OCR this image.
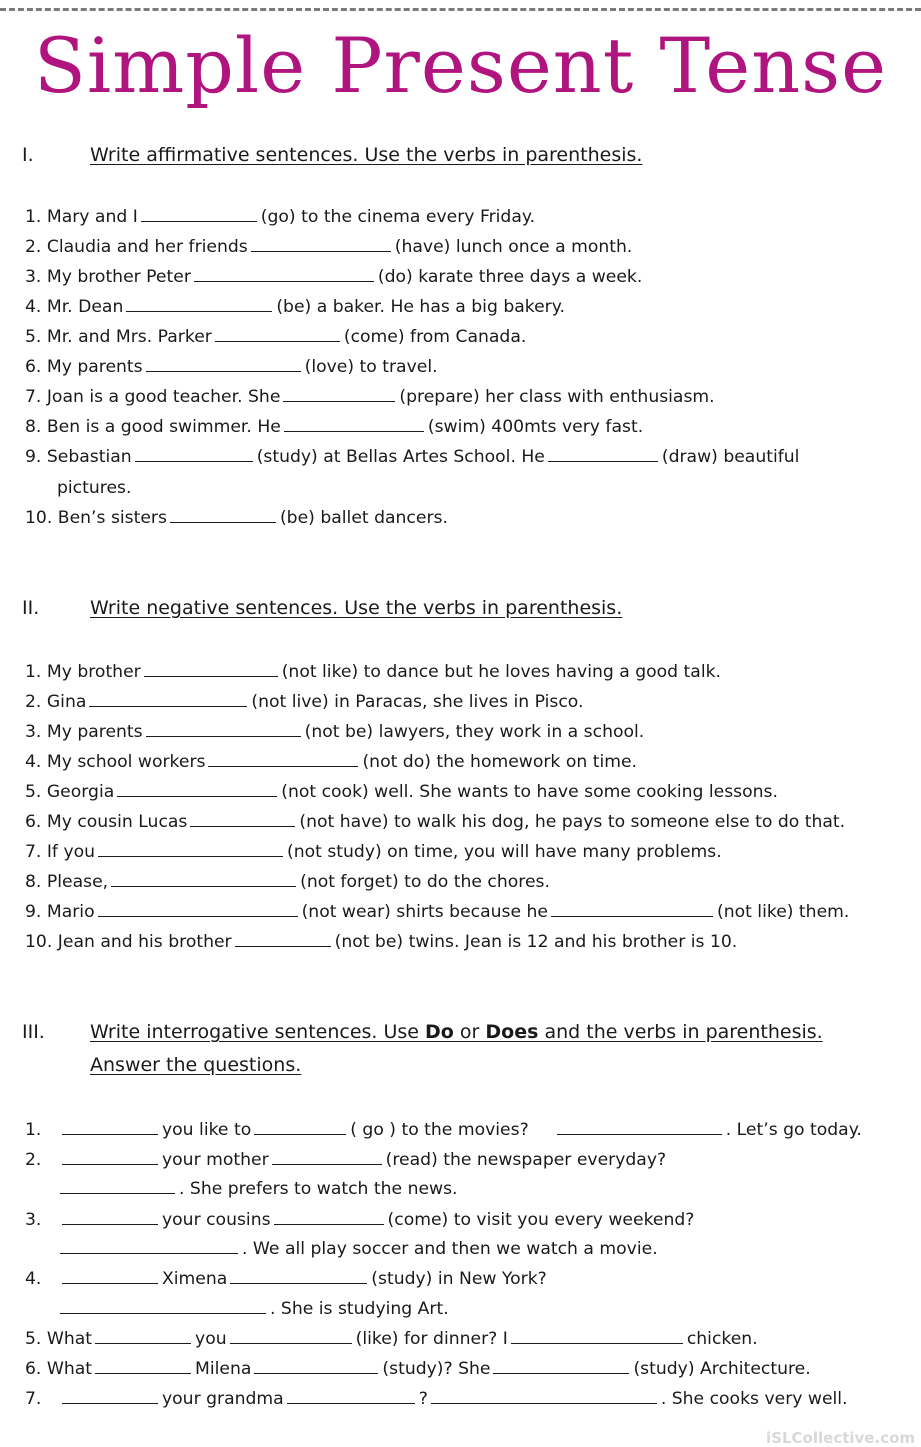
Simple Present Tense
I.	Write affirmative sentences. Use the verbs in parenthesis.
1. Mary and I	(go) to the cinema every Friday.
2. Claudia and her friends	(have) lunch once a month.
3. My brother Peter	(do) karate three days a week.
4. Mr. Dean	(be) a baker. He has a big bakery.
5. Mr. and Mrs. Parker	(come) from Canada.
6. My parents	(love) to travel.
7. Joan is a good teacher. She	(prepare) her class with enthusiasm.
8. Ben is a good swimmer. He	(swim) 400mts very fast.
9. Sebastian	(study) at Bellas Artes School. He	(draw) beautiful
pictures.
10. Ben’s sisters	(be) ballet dancers.
II.	Write negative sentences. Use the verbs in parenthesis.
1. My brother	(not like) to dance but he loves having a good talk.
2. Gina	(not live) in Paracas, she lives in Pisco.
3. My parents	(not be) lawyers, they work in a school.
4. My school workers	(not do) the homework on time.
5. Georgia	(not cook) well. She wants to have some cooking lessons.
6. My cousin Lucas	(not have) to walk his dog, he pays to someone else to do that.
7. If you	(not study) on time, you will have many problems.
8. Please,	(not forget) to do the chores.
9. Mario	(not wear) shirts because he	(not like) them.
10. Jean and his brother	(not be) twins. Jean is 12 and his brother is 10.
III. Write interrogative sentences. Use Do or Does and the verbs in parenthesis.
Answer the questions.
1.	you like to	( go ) to the movies?	. Let’s go today.
2.	your mother	(read) the newspaper everyday?
. She prefers to watch the news.
3.	your cousins	(come) to visit you every weekend?
. We all play soccer and then we watch a movie.
4.	Ximena	(study) in New York?
. She is studying Art.
5. What	you	(like) for dinner? I	chicken.
6. What	Milena	(study)? She	(study) Architecture.
7.	your grandma	?	. She cooks very well.
iSLCollective.com
